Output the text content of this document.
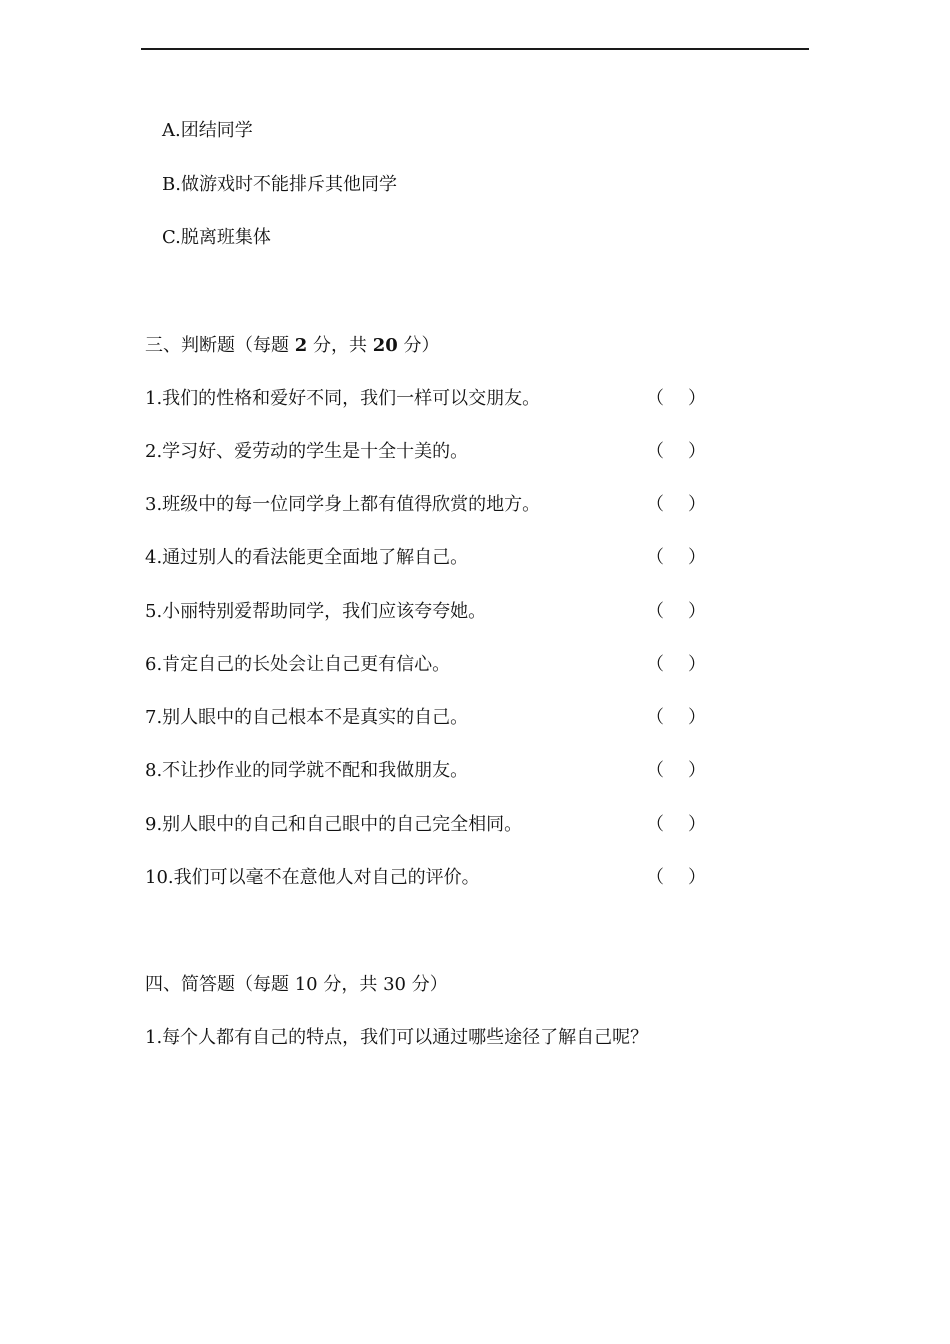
A.团结同学
B.做游戏时不能排斥其他同学
C.脱离班集体
三、判断题（每题 2 分，共 20 分）
1.我们的性格和爱好不同，我们一样可以交朋友。	（ ）
2.学习好、爱劳动的学生是十全十美的。	（ ）
3.班级中的每一位同学身上都有值得欣赏的地方。	（ ）
4.通过别人的看法能更全面地了解自己。	（ ）
5.小丽特别爱帮助同学，我们应该夸夸她。	（ ）
6.肯定自己的长处会让自己更有信心。	（ ）
7.别人眼中的自己根本不是真实的自己。	（ ）
8.不让抄作业的同学就不配和我做朋友。	（ ）
9.别人眼中的自己和自己眼中的自己完全相同。	（ ）
10.我们可以毫不在意他人对自己的评价。	（ ）
四、简答题（每题 10 分，共 30 分）
1.每个人都有自己的特点，我们可以通过哪些途径了解自己呢？
